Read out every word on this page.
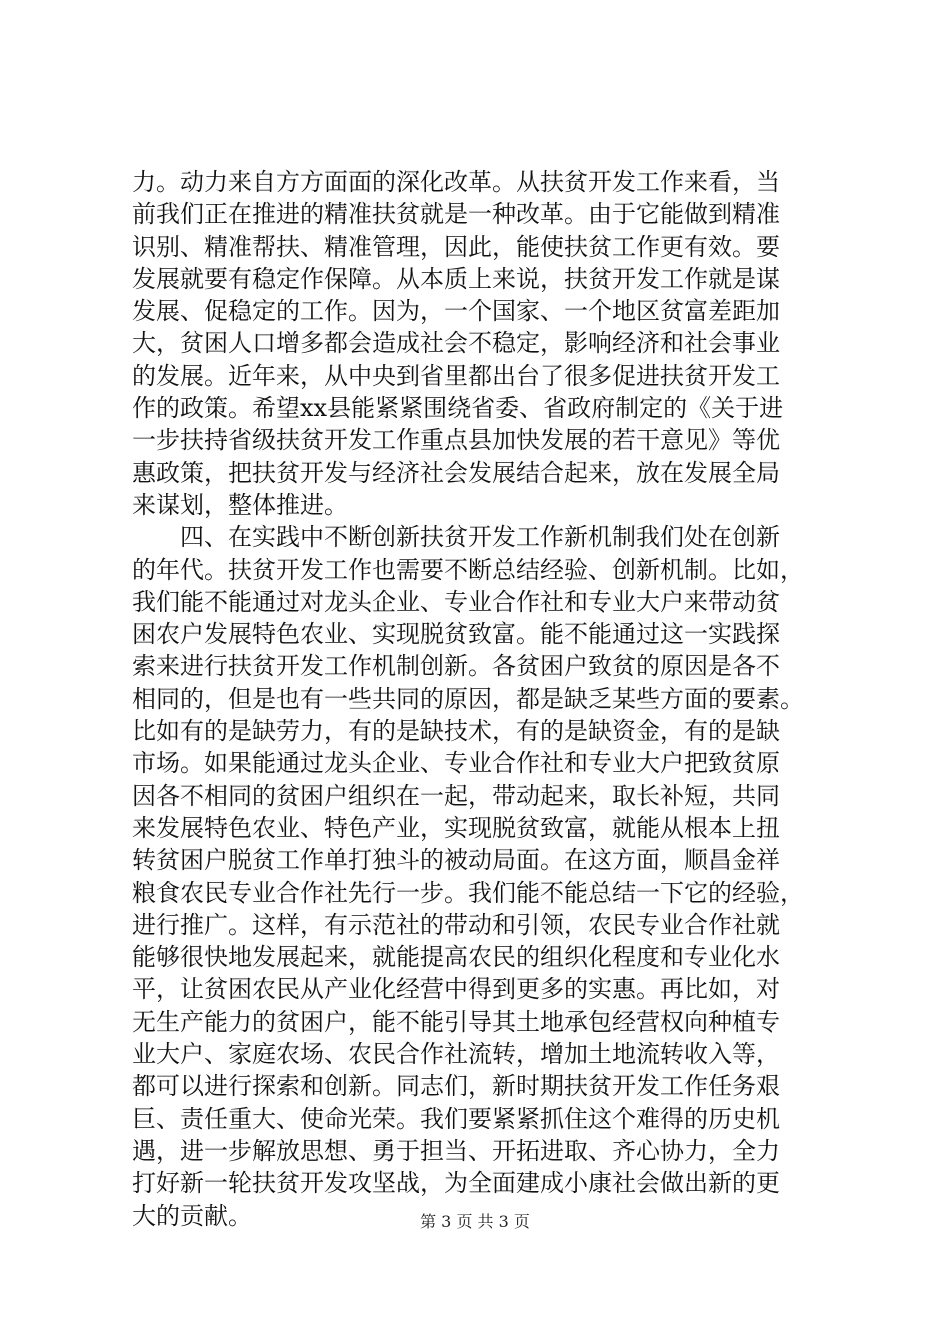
力。动力来自方方面面的深化改革。从扶贫开发工作来看，当
前我们正在推进的精准扶贫就是一种改革。由于它能做到精准
识别、精准帮扶、精准管理，因此，能使扶贫工作更有效。要
发展就要有稳定作保障。从本质上来说，扶贫开发工作就是谋
发展、促稳定的工作。因为，一个国家、一个地区贫富差距加
大，贫困人口增多都会造成社会不稳定，影响经济和社会事业
的发展。近年来，从中央到省里都出台了很多促进扶贫开发工
作的政策。希望xx县能紧紧围绕省委、省政府制定的《关于进
一步扶持省级扶贫开发工作重点县加快发展的若干意见》等优
惠政策，把扶贫开发与经济社会发展结合起来，放在发展全局
来谋划，整体推进。
　　四、在实践中不断创新扶贫开发工作新机制我们处在创新
的年代。扶贫开发工作也需要不断总结经验、创新机制。比如，
我们能不能通过对龙头企业、专业合作社和专业大户来带动贫
困农户发展特色农业、实现脱贫致富。能不能通过这一实践探
索来进行扶贫开发工作机制创新。各贫困户致贫的原因是各不
相同的，但是也有一些共同的原因，都是缺乏某些方面的要素。
比如有的是缺劳力，有的是缺技术，有的是缺资金，有的是缺
市场。如果能通过龙头企业、专业合作社和专业大户把致贫原
因各不相同的贫困户组织在一起，带动起来，取长补短，共同
来发展特色农业、特色产业，实现脱贫致富，就能从根本上扭
转贫困户脱贫工作单打独斗的被动局面。在这方面，顺昌金祥
粮食农民专业合作社先行一步。我们能不能总结一下它的经验，
进行推广。这样，有示范社的带动和引领，农民专业合作社就
能够很快地发展起来，就能提高农民的组织化程度和专业化水
平，让贫困农民从产业化经营中得到更多的实惠。再比如，对
无生产能力的贫困户，能不能引导其土地承包经营权向种植专
业大户、家庭农场、农民合作社流转，增加土地流转收入等，
都可以进行探索和创新。同志们，新时期扶贫开发工作任务艰
巨、责任重大、使命光荣。我们要紧紧抓住这个难得的历史机
遇，进一步解放思想、勇于担当、开拓进取、齐心协力，全力
打好新一轮扶贫开发攻坚战，为全面建成小康社会做出新的更
大的贡献。	第 3 页 共 3 页
